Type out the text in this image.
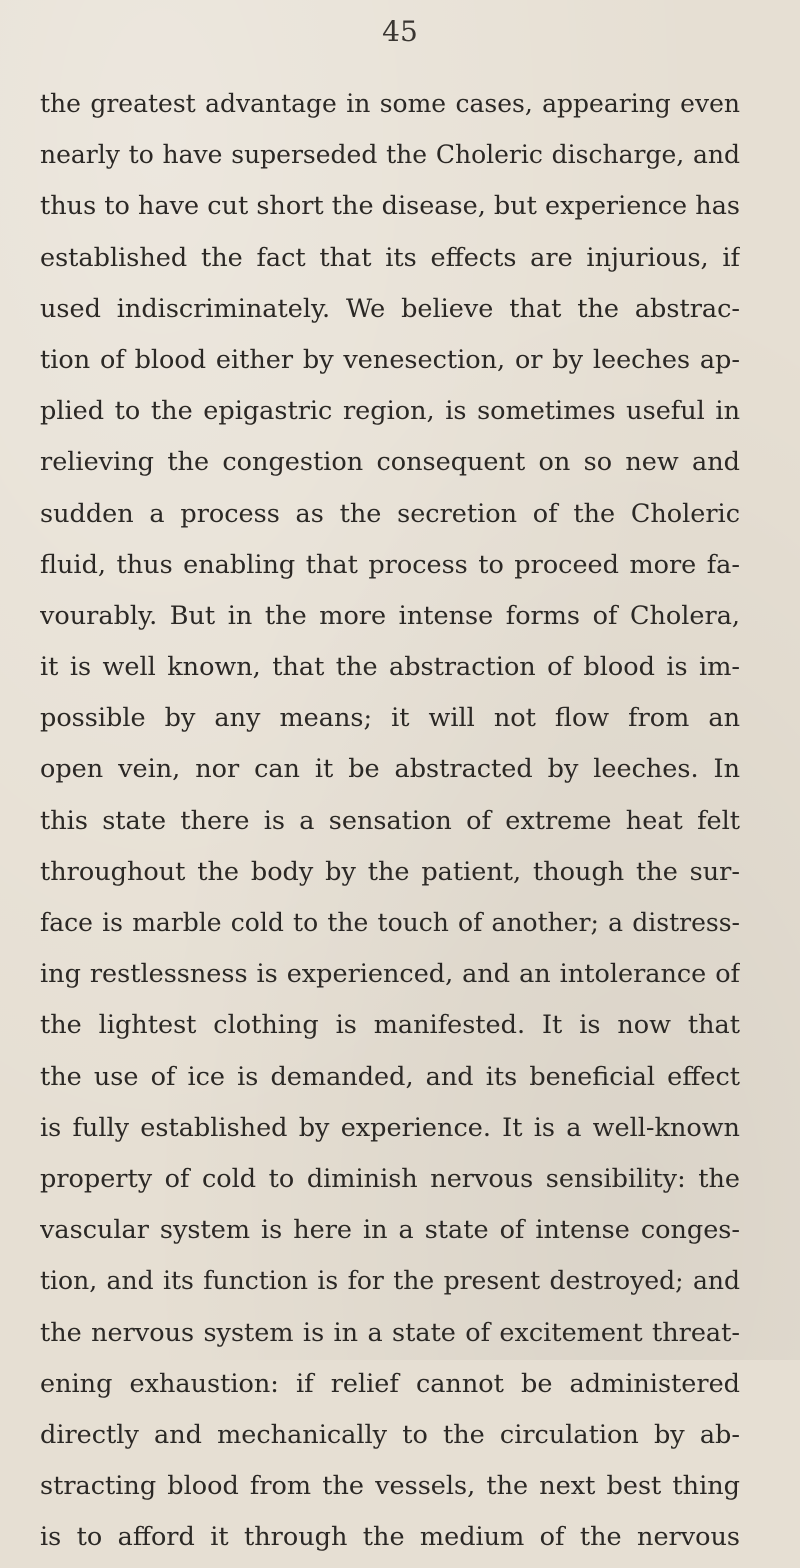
45
the greatest advantage in some cases, appearing even
nearly to have superseded the Choleric discharge, and
thus to have cut short the disease, but experience has
established the fact that its effects are injurious, if
used indiscriminately. We believe that the abstrac-
tion of blood either by venesection, or by leeches ap-
plied to the epigastric region, is sometimes useful in
relieving the congestion consequent on so new and
sudden a process as the secretion of the Choleric
fluid, thus enabling that process to proceed more fa-
vourably. But in the more intense forms of Cholera,
it is well known, that the abstraction of blood is im-
possible by any means; it will not flow from an
open vein, nor can it be abstracted by leeches. In
this state there is a sensation of extreme heat felt
throughout the body by the patient, though the sur-
face is marble cold to the touch of another; a distress-
ing restlessness is experienced, and an intolerance of
the lightest clothing is manifested. It is now that
the use of ice is demanded, and its beneficial effect
is fully established by experience. It is a well-known
property of cold to diminish nervous sensibility: the
vascular system is here in a state of intense conges-
tion, and its function is for the present destroyed; and
the nervous system is in a state of excitement threat-
ening exhaustion: if relief cannot be administered
directly and mechanically to the circulation by ab-
stracting blood from the vessels, the next best thing
is to afford it through the medium of the nervous
